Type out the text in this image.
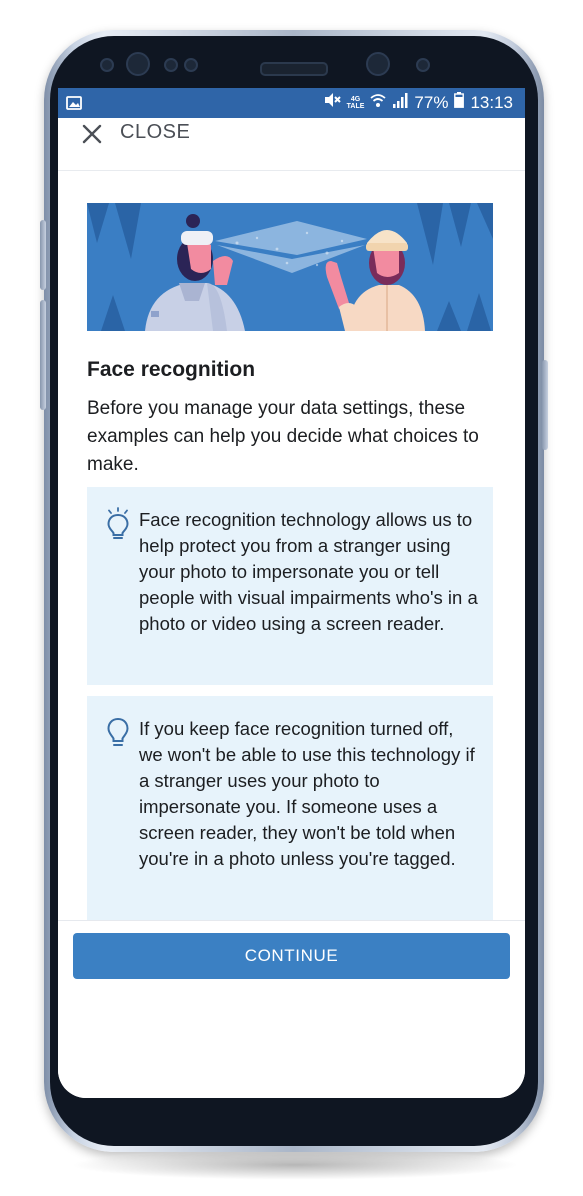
4G
TALE	77% 13:13
CLOSE
Face recognition
Before you manage your data settings, these examples can help you decide what choices to make.
Face recognition technology allows us to help protect you from a stranger using your photo to impersonate you or tell people with visual impairments who's in a photo or video using a screen reader.
If you keep face recognition turned off, we won't be able to use this technology if a stranger uses your photo to impersonate you. If someone uses a screen reader, they won't be told when you're in a photo unless you're tagged.
CONTINUE
